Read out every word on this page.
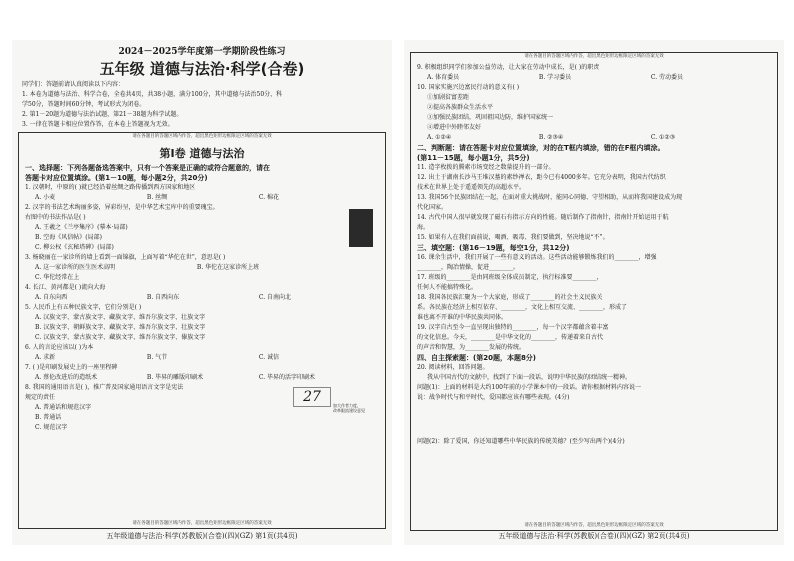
2024－2025学年度第一学期阶段性练习
五年级 道德与法治·科学(合卷)
同学们：答题前请认真阅读以下内容：
1. 本卷为道德与法治、科学合卷，全卷共4页，共38小题，满分100分，其中道德与法治50分，科
学50分，答题时间60分钟，考试形式为闭卷。
2. 第1－20题为道德与法治试题，第21－38题为科学试题。
3. 一律在答题卡相应位置作答，在本卷上答题视为无效。
请在各题目的答题区域内作答，超出黑色矩形边框限定区域的答案无效
第Ⅰ卷 道德与法治
一、选择题：下列各题备选答案中，只有一个答案是正确的或符合题意的，请在
答题卡对应位置填涂。(第1－10题，每小题2分，共20分)
1. 汉朝时，中原的( )就已经沿着丝绸之路传播到西方国家和地区
A. 小麦	B. 丝绸	C. 棉花
2. 汉字的书法艺术绚丽多姿，异彩纷呈，是中华艺术宝库中的重要瑰宝。
右图中的书法作品是( )
A. 王羲之《兰亭集序》(摹本·局部)
B. 空海《风信帖》(局部)
C. 柳公权《玄秘塔碑》(局部)
3. 杨晓丽在一家诊所的墙上看到一面锦旗，上面写着“华佗在世”，意思是( )
A. 这一家诊所的医生医术高明	B. 华佗在这家诊所上班
C. 华佗经常在上
4. 长江、黄河都是( )流向大海
A. 自东向西	B. 自西向东	C. 自南向北
5. 人民币上有五种民族文字，它们分别是( )
A. 汉族文字、蒙古族文字、藏族文字、维吾尔族文字、壮族文字
B. 汉族文字、朝鲜族文字、藏族文字、维吾尔族文字、壮族文字
C. 汉族文字、蒙古族文字、藏族文字、维吾尔族文字、傣族文字
6. 人的言论应该以( )为本
A. 求新	B. 气节	C. 诚信
7. ( )是印刷发展史上的一座里程碑
A. 蔡伦改进后的造纸术	B. 毕昇的雕版印刷术	C. 毕昇的活字印刷术
8. 我国的通用语言是( )，推广普及国家通用语言文字是宪法
规定的责任
A. 普通话和规范汉字
B. 普通话
C. 规范汉字
27
加大作者力度，
改革限流建设意见
请在各题目的答题区域内作答，超出黑色矩形边框限定区域的答案无效
五年级道德与法治·科学(苏教版)(合卷)(四)(GZ) 第1页(共4页)
请在各题目的答题区域内作答，超出黑色矩形边框限定区域的答案无效
9. 积极组织同学们参加公益劳动，让大家在劳动中成长，是( )的职责
A. 体育委员	B. 学习委员	C. 劳动委员
10. 国家实施兴边富民行动的意义有( )
①加剧贫富差距
②提高各族群众生活水平
③加强民族团结，巩固祖国边防，维护国家统一
④增进中外睦邻友好
A. ①②④	B. ②③④	C. ①②③
二、判断题：请在答题卡对应位置填涂，对的在T框内填涂，错的在F框内填涂。
(第11－15题，每小题1分，共5分)
11. 造字枚拨的腾素市场变经之数量提升的一部分。
12. 出土于湖南长沙马王堆汉墓的素纱禅衣，距今已有4000多年。它充分表明，我国古代纺织
技术在世界上处于遥遥领先的高超水平。
13. 我国56个民族团结在一起，在面对重大挑战时，能同心同德、守望相助，从而将我国建设成为现
代化国家。
14. 古代中国人很早就发现了磁石有指示方向的性能。随后制作了指南针，指南针开始运用于航
海。
15. 如果有人在我们面前说，喝酒、吸毒、我们要做到，坚决地说“不”。
三、填空题：(第16－19题，每空1分，共12分)
16. 课余生活中，我们开展了一些有意义的活动。这些活动能够锻炼我们的________，增强
________，陶冶情操，促进________。
17. 班级的________是由同班级全体成员制定，执行标准要________，
任何人不能搞特殊化。
18. 我国各民族汇聚为一个大家庭，形成了________的社会主义民族关
系。各民族在经济上相互依存、________，文化上相互交流、________，形成了
谁也离不开谁的中华民族共同体。
19. 汉字自古至今一直呈现出独特的________，每一个汉字都蕴含着丰富
的文化信息。今天，________是中华文化的________，传递着来自古代
的声音和智慧，为________发展的传统。
四、自主探索题：(第20题，本题8分)
20. 阅读材料，回答问题。
我从中国古代的文献中，找到了下面一段话，说明中华民族的团结统一精神。
问题(1)：上面的材料是大约100年前的小学课本中的一段话。请你根据材料内容说一
说：战争时代与和平时代，爱国都应该有哪些表现。(4分)
问题(2)：除了爱国，你还知道哪些中华民族的传统美德？(至少写出两个)(4分)
请在各题目的答题区域内作答，超出黑色矩形边框限定区域的答案无效
五年级道德与法治·科学(苏教版)(合卷)(四)(GZ) 第2页(共4页)
